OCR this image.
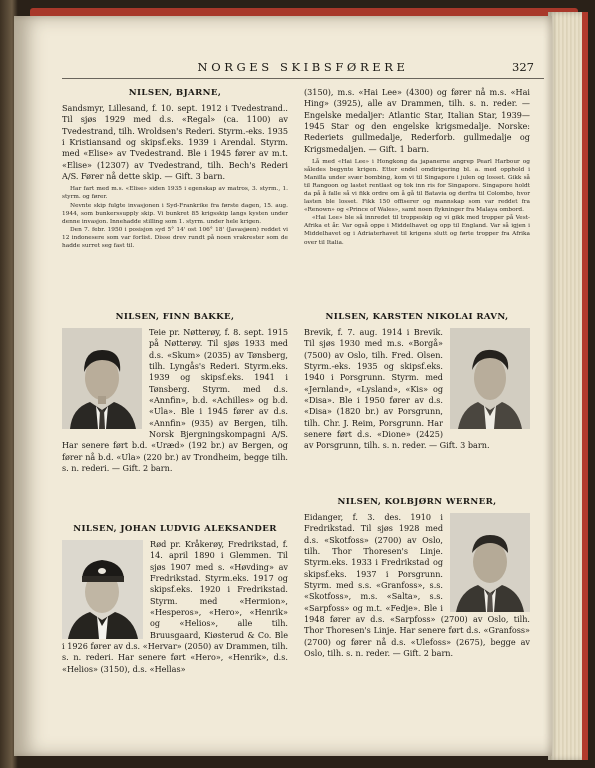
NORGES SKIBSFØRERE	327
NILSEN, BJARNE,

Sandsmyr, Lillesand, f. 10. sept. 1912 i Tvedestrand.. Til sjøs 1929 med d.s. «Regal» (ca. 1100) av Tvedestrand, tilh. Wroldsen's Rederi. Styrm.-eks. 1935 i Kristiansand og skipsf.eks. 1939 i Arendal. Styrm. med «Elise» av Tvedestrand. Ble i 1945 fører av m.t. «Elise» (12307) av Tvedestrand, tilh. Bech's Rederi A/S. Fører nå dette skip. — Gift. 3 barn.

Har fart med m.s. «Elise» siden 1935 i egenskap av matros, 3. styrm., 1. styrm. og fører.

Nevnte skip fulgte invasjonen i Syd-Frankrike fra første dagen, 15. aug. 1944, som bunkerssupply skip. Vi bunkret 85 krigsskip langs kysten under denne invasjon. Innehadde stilling som 1. styrm. under hele krigen.

Den 7. febr. 1950 i posisjon syd 5° 14' ost 106° 18' (Javasjøen) reddet vi 12 indonesere som var forlist. Disse drev rundt på noen vrakrester som de hadde surret seg fast til.

(3150), m.s. «Hai Lee» (4300) og fører nå m.s. «Hai Hing» (3925), alle av Drammen, tilh. s. n. reder. — Engelske medaljer: Atlantic Star, Italian Star, 1939—1945 Star og den engelske krigsmedalje. Norske: Rederiets gullmedalje, Rederforb. gullmedalje og Krigsmedaljen. — Gift. 1 barn.

Lå med «Hai Lee» i Hongkong da japanerne angrep Pearl Harbour og således begynte krigen. Etter endel omdirigering bl. a. med opphold i Manilla under svær bombing, kom vi til Singapore i julen og losset. Gikk så til Rangoon og lastet rentlast og tok inn ris for Singapore. Singapore holdt da på å falle så vi fikk ordre om å gå til Batavia og derfra til Colombo, hvor lasten ble losset. Fikk 150 offiserer og mannskap som var reddet fra «Renown» og «Prince of Wales», samt noen flykninger fra Malaya ombord.

«Hai Lee» ble så innredet til troppeskip og vi gikk med tropper på Vest-Afrika et år. Var også oppe i Middelhavet og opp til England. Var så igjen i Middelhavet og i Adriaterhavet til krigens slutt og førte tropper fra Afrika over til Italia.

NILSEN, FINN BAKKE,

Teie pr. Nøtterøy, f. 8. sept. 1915 på Nøtterøy. Til sjøs 1933 med d.s. «Skum» (2035) av Tønsberg, tilh. Lyngås's Rederi. Styrm.eks. 1939 og skipsf.eks. 1941 i Tønsberg. Styrm. med d.s. «Annfin», b.d. «Achilles» og b.d. «Ula». Ble i 1945 fører av d.s. «Annfin» (935) av Bergen, tilh. Norsk Bjergningskompagni A/S. Har senere ført b.d. «Uræd» (192 br.) av Bergen, og fører nå b.d. «Ula» (220 br.) av Trondheim, begge tilh. s. n. rederi. — Gift. 2 barn.

NILSEN, JOHAN LUDVIG ALEKSANDER

Rød pr. Kråkerøy, Fredrikstad, f. 14. april 1890 i Glemmen. Til sjøs 1907 med s. «Høvding» av Fredrikstad. Styrm.eks. 1917 og skipsf.eks. 1920 i Fredrikstad. Styrm. med «Hermion», «Hesperos», «Hero», «Henrik» og «Helios», alle tilh. Bruusgaard, Kiøsterud & Co. Ble i 1926 fører av d.s. «Hervar» (2050) av Drammen, tilh. s. n. rederi. Har senere ført «Hero», «Henrik», d.s. «Helios» (3150), d.s. «Hellas»

NILSEN, KARSTEN NIKOLAI RAVN,

Brevik, f. 7. aug. 1914 i Brevik. Til sjøs 1930 med m.s. «Borgå» (7500) av Oslo, tilh. Fred. Olsen. Styrm.-eks. 1935 og skipsf.eks. 1940 i Porsgrunn. Styrm. med «Jernland», «Lysland», «Kis» og «Disa». Ble i 1950 fører av d.s. «Disa» (1820 br.) av Porsgrunn, tilh. Chr. J. Reim, Porsgrunn. Har senere ført d.s. «Dione» (2425) av Porsgrunn, tilh. s. n. reder. — Gift. 3 barn.

NILSEN, KOLBJØRN WERNER,

Eidanger, f. 3. des. 1910 i Fredrikstad. Til sjøs 1928 med d.s. «Skotfoss» (2700) av Oslo, tilh. Thor Thoresen's Linje. Styrm.eks. 1933 i Fredrikstad og skipsf.eks. 1937 i Porsgrunn. Styrm. med s.s. «Granfoss», s.s. «Skotfoss», m.s. «Salta», s.s. «Sarpfoss» og m.t. «Fedje». Ble i 1948 fører av d.s. «Sarpfoss» (2700) av Oslo, tilh. Thor Thoresen's Linje. Har senere ført d.s. «Granfoss» (2700) og fører nå d.s. «Ulefoss» (2675), begge av Oslo, tilh. s. n. reder. — Gift. 2 barn.
